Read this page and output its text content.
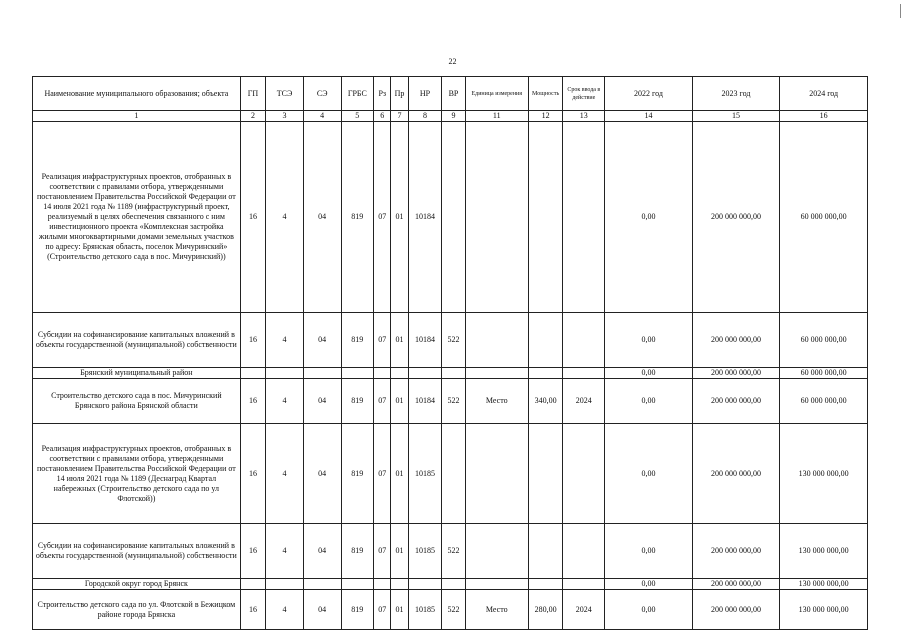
22
Наименование муниципального образования; объекта	ГП	ТСЭ	СЭ	ГРБС	Рз	Пр	НР	ВР	Единица измерения	Мощность	Срок ввода в действие	2022 год	2023 год	2024 год
1	2	3	4	5	6	7	8	9	11	12	13	14	15	16
Реализация инфраструктурных проектов, отобранных в соответствии с правилами отбора, утвержденными постановлением Правительства Российской Федерации от 14 июля 2021 года № 1189 (инфраструктурный проект, реализуемый в целях обеспечения связанного с ним инвестиционного проекта «Комплексная застройка жилыми многоквартирными домами земельных участков по адресу: Брянская область, поселок Мичуринский» (Строительство детского сада в пос. Мичуринский))	16	4	04	819	07	01	10184					0,00	200 000 000,00	60 000 000,00
Субсидии на софинансирование капитальных вложений в объекты государственной (муниципальной) собственности	16	4	04	819	07	01	10184	522				0,00	200 000 000,00	60 000 000,00
Брянский муниципальный район												0,00	200 000 000,00	60 000 000,00
Строительство детского сада в пос. Мичуринский Брянского района Брянской области	16	4	04	819	07	01	10184	522	Место	340,00	2024	0,00	200 000 000,00	60 000 000,00
Реализация инфраструктурных проектов, отобранных в соответствии с правилами отбора, утвержденными постановлением Правительства Российской Федерации от 14 июля 2021 года № 1189 (Деснаград Квартал набережных (Строительство детского сада по ул Флотской))	16	4	04	819	07	01	10185					0,00	200 000 000,00	130 000 000,00
Субсидии на софинансирование капитальных вложений в объекты государственной (муниципальной) собственности	16	4	04	819	07	01	10185	522				0,00	200 000 000,00	130 000 000,00
Городской округ город Брянск												0,00	200 000 000,00	130 000 000,00
Строительство детского сада по ул. Флотской в Бежицком районе города Брянска	16	4	04	819	07	01	10185	522	Место	280,00	2024	0,00	200 000 000,00	130 000 000,00
